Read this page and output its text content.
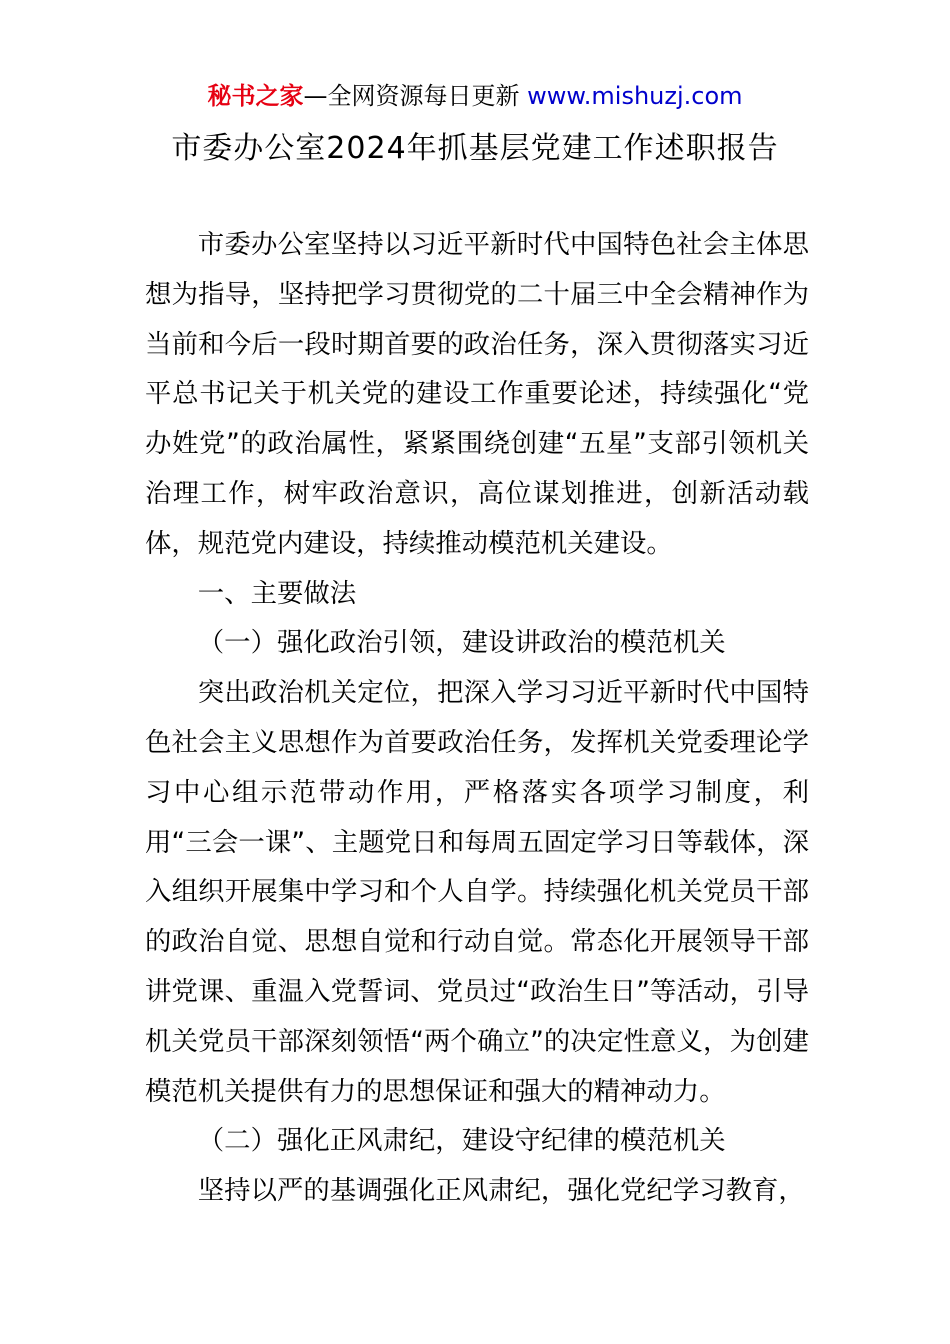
秘书之家—全网资源每日更新 www.mishuzj.com
市委办公室2024年抓基层党建工作述职报告

市委办公室坚持以习近平新时代中国特色社会主体思想为指导，坚持把学习贯彻党的二十届三中全会精神作为当前和今后一段时期首要的政治任务，深入贯彻落实习近平总书记关于机关党的建设工作重要论述，持续强化“党办姓党”的政治属性，紧紧围绕创建“五星”支部引领机关治理工作，树牢政治意识，高位谋划推进，创新活动载体，规范党内建设，持续推动模范机关建设。

一、主要做法

（一）强化政治引领，建设讲政治的模范机关

突出政治机关定位，把深入学习习近平新时代中国特色社会主义思想作为首要政治任务，发挥机关党委理论学习中心组示范带动作用，严格落实各项学习制度，利用“三会一课”、主题党日和每周五固定学习日等载体，深入组织开展集中学习和个人自学。持续强化机关党员干部的政治自觉、思想自觉和行动自觉。常态化开展领导干部讲党课、重温入党誓词、党员过“政治生日”等活动，引导机关党员干部深刻领悟“两个确立”的决定性意义，为创建模范机关提供有力的思想保证和强大的精神动力。

（二）强化正风肃纪，建设守纪律的模范机关

坚持以严的基调强化正风肃纪，强化党纪学习教育，
